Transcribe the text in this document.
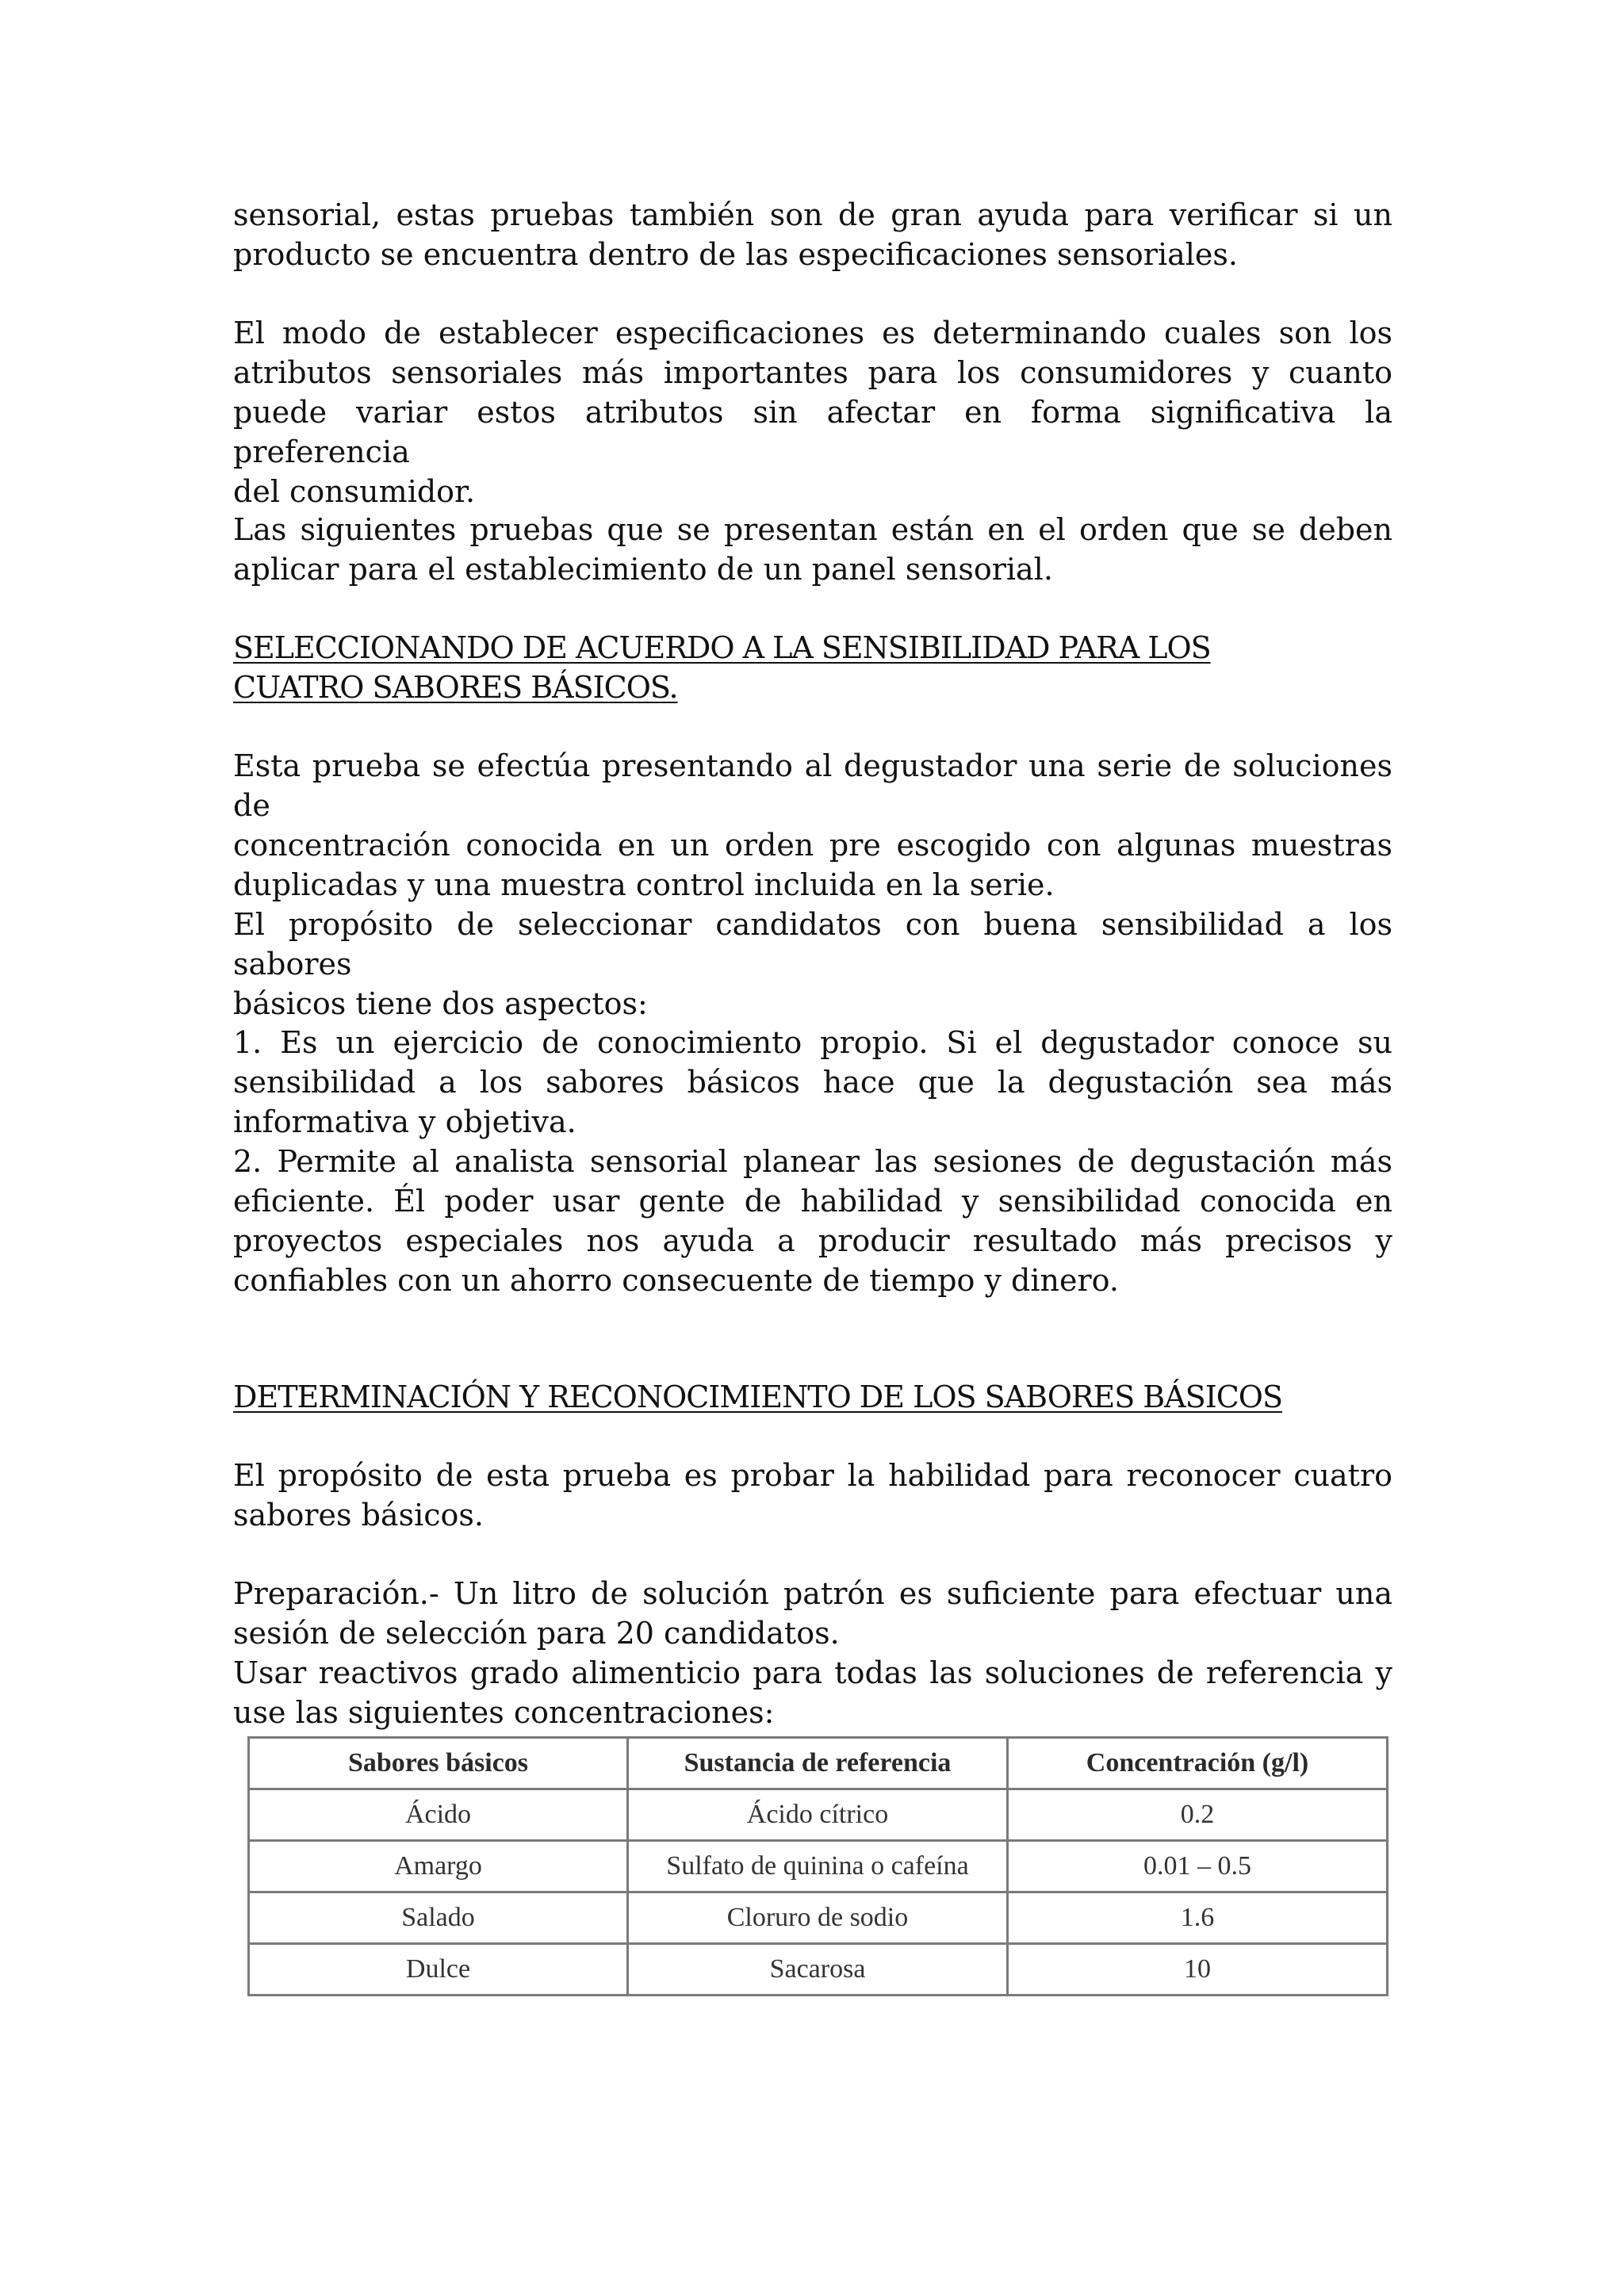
sensorial, estas pruebas también son de gran ayuda para verificar si un
producto se encuentra dentro de las especificaciones sensoriales.
El modo de establecer especificaciones es determinando cuales son los
atributos sensoriales más importantes para los consumidores y cuanto
puede variar estos atributos sin afectar en forma significativa la preferencia
del consumidor.
Las siguientes pruebas que se presentan están en el orden que se deben
aplicar para el establecimiento de un panel sensorial.
SELECCIONANDO DE ACUERDO A LA SENSIBILIDAD PARA LOS
CUATRO SABORES BÁSICOS.
Esta prueba se efectúa presentando al degustador una serie de soluciones de
concentración conocida en un orden pre escogido con algunas muestras
duplicadas y una muestra control incluida en la serie.
El propósito de seleccionar candidatos con buena sensibilidad a los sabores
básicos tiene dos aspectos:
1. Es un ejercicio de conocimiento propio. Si el degustador conoce su
sensibilidad a los sabores básicos hace que la degustación sea más
informativa y objetiva.
2. Permite al analista sensorial planear las sesiones de degustación más
eficiente. Él poder usar gente de habilidad y sensibilidad conocida en
proyectos especiales nos ayuda a producir resultado más precisos y
confiables con un ahorro consecuente de tiempo y dinero.
DETERMINACIÓN Y RECONOCIMIENTO DE LOS SABORES BÁSICOS
El propósito de esta prueba es probar la habilidad para reconocer cuatro
sabores básicos.
Preparación.- Un litro de solución patrón es suficiente para efectuar una
sesión de selección para 20 candidatos.
Usar reactivos grado alimenticio para todas las soluciones de referencia y
use las siguientes concentraciones:
Sabores básicos	Sustancia de referencia	Concentración (g/l)
Ácido	Ácido cítrico	0.2
Amargo	Sulfato de quinina o cafeína	0.01 – 0.5
Salado	Cloruro de sodio	1.6
Dulce	Sacarosa	10
